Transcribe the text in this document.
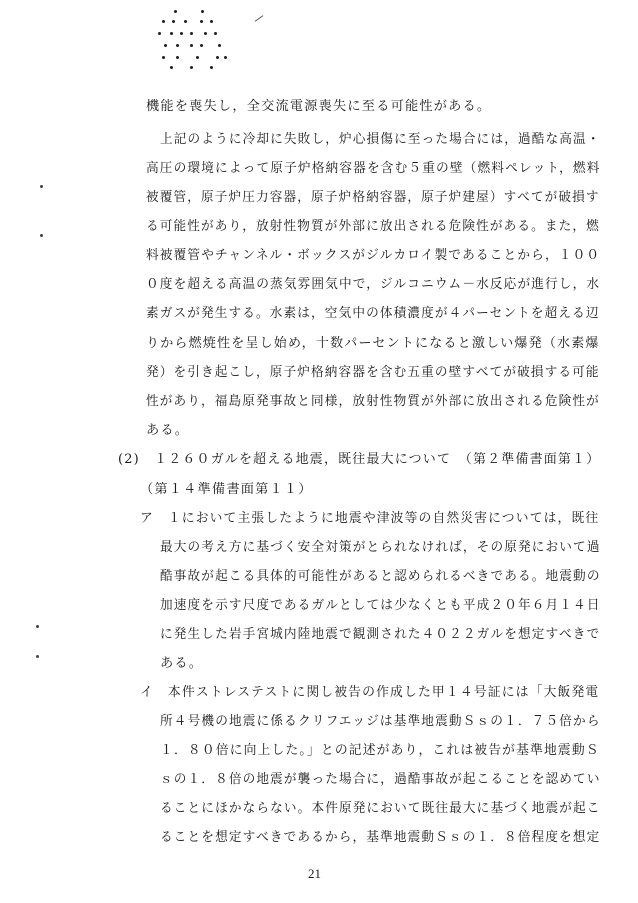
機能を喪失し，全交流電源喪失に至る可能性がある。
上記のように冷却に失敗し，炉心損傷に至った場合には，過酷な高温・
高圧の環境によって原子炉格納容器を含む５重の壁（燃料ペレット，燃料
被覆管，原子炉圧力容器，原子炉格納容器，原子炉建屋）すべてが破損す
る可能性があり，放射性物質が外部に放出される危険性がある。また，燃
料被覆管やチャンネル・ボックスがジルカロイ製であることから，１００
０度を超える高温の蒸気雰囲気中で，ジルコニウム－水反応が進行し，水
素ガスが発生する。水素は，空気中の体積濃度が４パーセントを超える辺
りから燃焼性を呈し始め，十数パーセントになると激しい爆発（水素爆
発）を引き起こし，原子炉格納容器を含む五重の壁すべてが破損する可能
性があり，福島原発事故と同様，放射性物質が外部に放出される危険性が
ある。
(2)　１２６０ガルを超える地震，既往最大について　（第２準備書面第１）
（第１４準備書面第１１）
ア　１において主張したように地震や津波等の自然災害については，既往
最大の考え方に基づく安全対策がとられなければ，その原発において過
酷事故が起こる具体的可能性があると認められるべきである。地震動の
加速度を示す尺度であるガルとしては少なくとも平成２０年６月１４日
に発生した岩手宮城内陸地震で観測された４０２２ガルを想定すべきで
ある。
イ　本件ストレステストに関し被告の作成した甲１４号証には「大飯発電
所４号機の地震に係るクリフエッジは基準地震動Ｓｓの１．７５倍から
１．８０倍に向上した。」との記述があり，これは被告が基準地震動Ｓ
ｓの１．８倍の地震が襲った場合に，過酷事故が起こることを認めてい
ることにほかならない。本件原発において既往最大に基づく地震が起こ
ることを想定すべきであるから，基準地震動Ｓｓの１．８倍程度を想定
21
